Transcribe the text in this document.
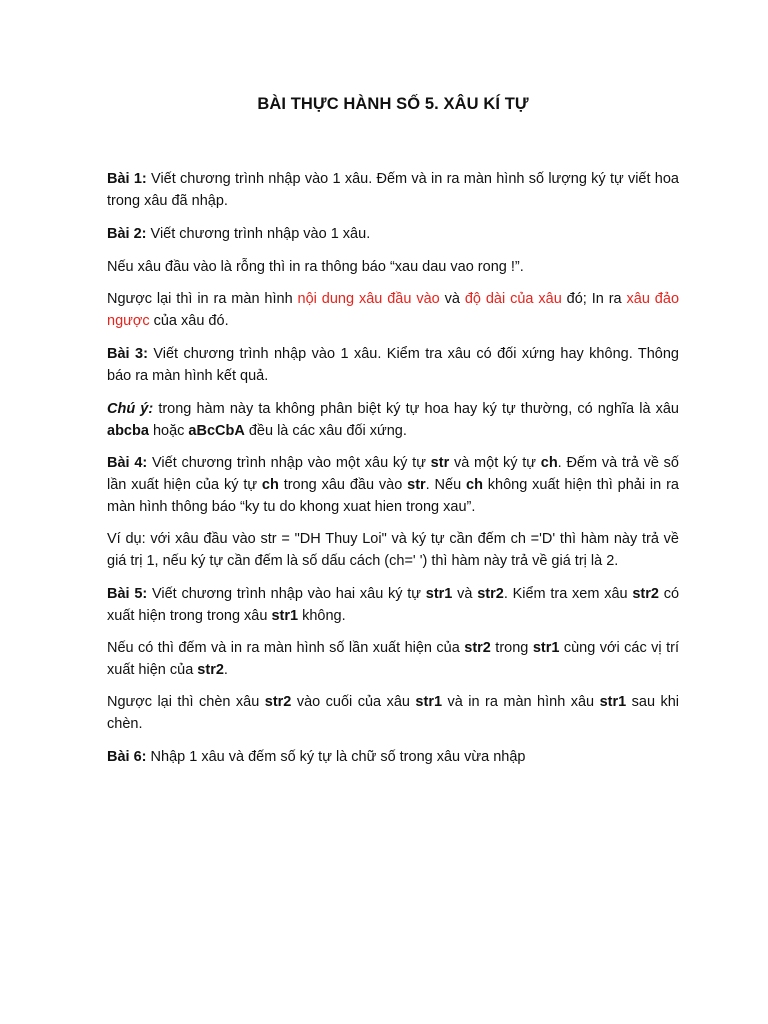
BÀI THỰC HÀNH SỐ 5. XÂU KÍ TỰ

Bài 1: Viết chương trình nhập vào 1 xâu. Đếm và in ra màn hình số lượng ký tự viết hoa trong xâu đã nhập.

Bài 2: Viết chương trình nhập vào 1 xâu.

Nếu xâu đầu vào là rỗng thì in ra thông báo “xau dau vao rong !”.

Ngược lại thì in ra màn hình nội dung xâu đầu vào và độ dài của xâu đó; In ra xâu đảo ngược của xâu đó.

Bài 3: Viết chương trình nhập vào 1 xâu. Kiểm tra xâu có đối xứng hay không. Thông báo ra màn hình kết quả.

Chú ý: trong hàm này ta không phân biệt ký tự hoa hay ký tự thường, có nghĩa là xâu abcba hoặc aBcCbA đều là các xâu đối xứng.

Bài 4: Viết chương trình nhập vào một xâu ký tự str và một ký tự ch. Đếm và trả về số lần xuất hiện của ký tự ch trong xâu đầu vào str. Nếu ch không xuất hiện thì phải in ra màn hình thông báo “ky tu do khong xuat hien trong xau”.

Ví dụ: với xâu đầu vào str = "DH Thuy Loi" và ký tự cần đếm ch ='D' thì hàm này trả về giá trị 1, nếu ký tự cần đếm là số dấu cách (ch=' ') thì hàm này trả về giá trị là 2.

Bài 5: Viết chương trình nhập vào hai xâu ký tự str1 và str2. Kiểm tra xem xâu str2 có xuất hiện trong trong xâu str1 không.

Nếu có thì đếm và in ra màn hình số lần xuất hiện của str2 trong str1 cùng với các vị trí xuất hiện của str2.

Ngược lại thì chèn xâu str2 vào cuối của xâu str1 và in ra màn hình xâu str1 sau khi chèn.

Bài 6: Nhập 1 xâu và đếm số ký tự là chữ số trong xâu vừa nhập
